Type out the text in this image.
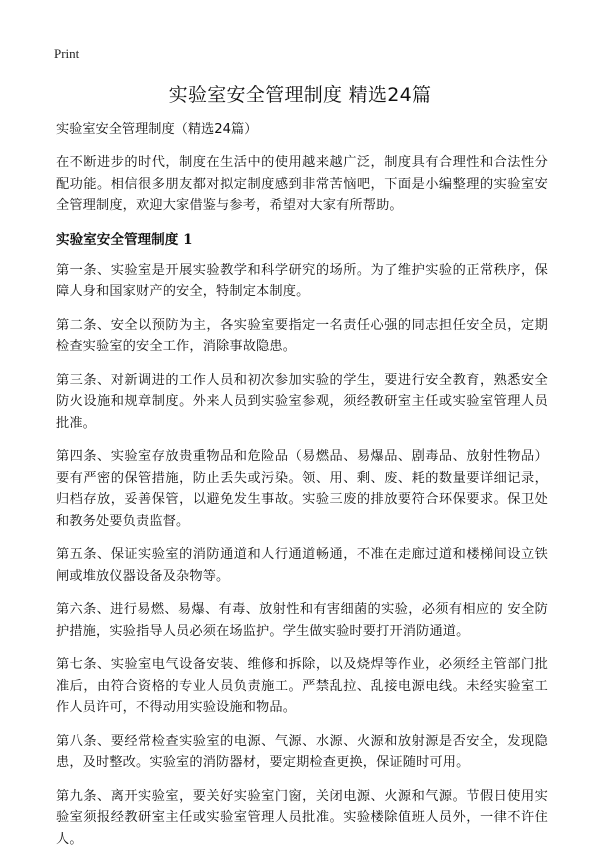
Print
实验室安全管理制度 精选24篇

实验室安全管理制度（精选24篇）

在不断进步的时代，制度在生活中的使用越来越广泛，制度具有合理性和合法性分配功能。相信很多朋友都对拟定制度感到非常苦恼吧，下面是小编整理的实验室安全管理制度，欢迎大家借鉴与参考，希望对大家有所帮助。

实验室安全管理制度 1

第一条、实验室是开展实验教学和科学研究的场所。为了维护实验的正常秩序，保障人身和国家财产的安全，特制定本制度。

第二条、安全以预防为主，各实验室要指定一名责任心强的同志担任安全员，定期检查实验室的安全工作，消除事故隐患。

第三条、对新调进的工作人员和初次参加实验的学生，要进行安全教育，熟悉安全防火设施和规章制度。外来人员到实验室参观，须经教研室主任或实验室管理人员批准。

第四条、实验室存放贵重物品和危险品（易燃品、易爆品、剧毒品、放射性物品）要有严密的保管措施，防止丢失或污染。领、用、剩、废、耗的数量要详细记录，归档存放，妥善保管，以避免发生事故。实验三废的排放要符合环保要求。保卫处和教务处要负责监督。

第五条、保证实验室的消防通道和人行通道畅通，不准在走廊过道和楼梯间设立铁闸或堆放仪器设备及杂物等。

第六条、进行易燃、易爆、有毒、放射性和有害细菌的实验，必须有相应的 安全防护措施，实验指导人员必须在场监护。学生做实验时要打开消防通道。

第七条、实验室电气设备安装、维修和拆除，以及烧焊等作业，必须经主管部门批准后，由符合资格的专业人员负责施工。严禁乱拉、乱接电源电线。未经实验室工作人员许可，不得动用实验设施和物品。

第八条、要经常检查实验室的电源、气源、水源、火源和放射源是否安全，发现隐患，及时整改。实验室的消防器材，要定期检查更换，保证随时可用。

第九条、离开实验室，要关好实验室门窗，关闭电源、火源和气源。节假日使用实验室须报经教研室主任或实验室管理人员批准。实验楼除值班人员外，一律不许住人。
